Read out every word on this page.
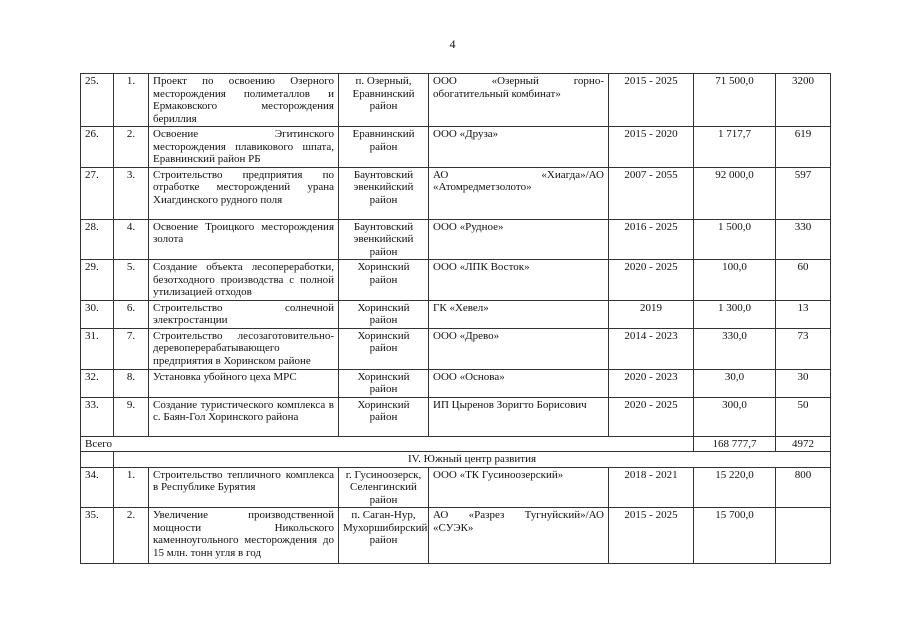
4
25.	1.	Проект по освоению Озерного месторождения полиметаллов и Ермаковского месторождения бериллия	п. Озерный, Еравнинский район	ООО «Озерный горно-обогатительный комбинат»	2015 - 2025	71 500,0	3200
26.	2.	Освоение Эгитинского месторождения плавикового шпата, Еравнинский район РБ	Еравнинский район	ООО «Друза»	2015 - 2020	1 717,7	619
27.	3.	Строительство предприятия по отработке месторождений урана Хиагдинского рудного поля	Баунтовский эвенкийский район	АО «Хиагда»/АО «Атомредметзолото»	2007 - 2055	92 000,0	597
28.	4.	Освоение Троицкого месторождения золота	Баунтовский эвенкийский район	ООО «Рудное»	2016 - 2025	1 500,0	330
29.	5.	Создание объекта лесопереработки, безотходного производства с полной утилизацией отходов	Хоринский район	ООО «ЛПК Восток»	2020 - 2025	100,0	60
30.	6.	Строительство солнечной электростанции	Хоринский район	ГК «Хевел»	2019	1 300,0	13
31.	7.	Строительство лесозаготовительно-деревоперерабатывающего предприятия в Хоринском районе	Хоринский район	ООО «Древо»	2014 - 2023	330,0	73
32.	8.	Установка убойного цеха МРС	Хоринский район	ООО «Основа»	2020 - 2023	30,0	30
33.	9.	Создание туристического комплекса в с. Баян-Гол Хоринского района	Хоринский район	ИП Цыренов Зоригто Борисович	2020 - 2025	300,0	50
Всего						168 777,7	4972
	IV. Южный центр развития						
34.	1.	Строительство тепличного комплекса в Республике Бурятия	г. Гусиноозерск, Селенгинский район	ООО «ТК Гусиноозерский»	2018 - 2021	15 220,0	800
35.	2.	Увеличение производственной мощности Никольского каменноугольного месторождения до 15 млн. тонн угля в год	п. Саган-Нур, Мухоршибирский район	АО «Разрез Тугнуйский»/АО «СУЭК»	2015 - 2025	15 700,0	
